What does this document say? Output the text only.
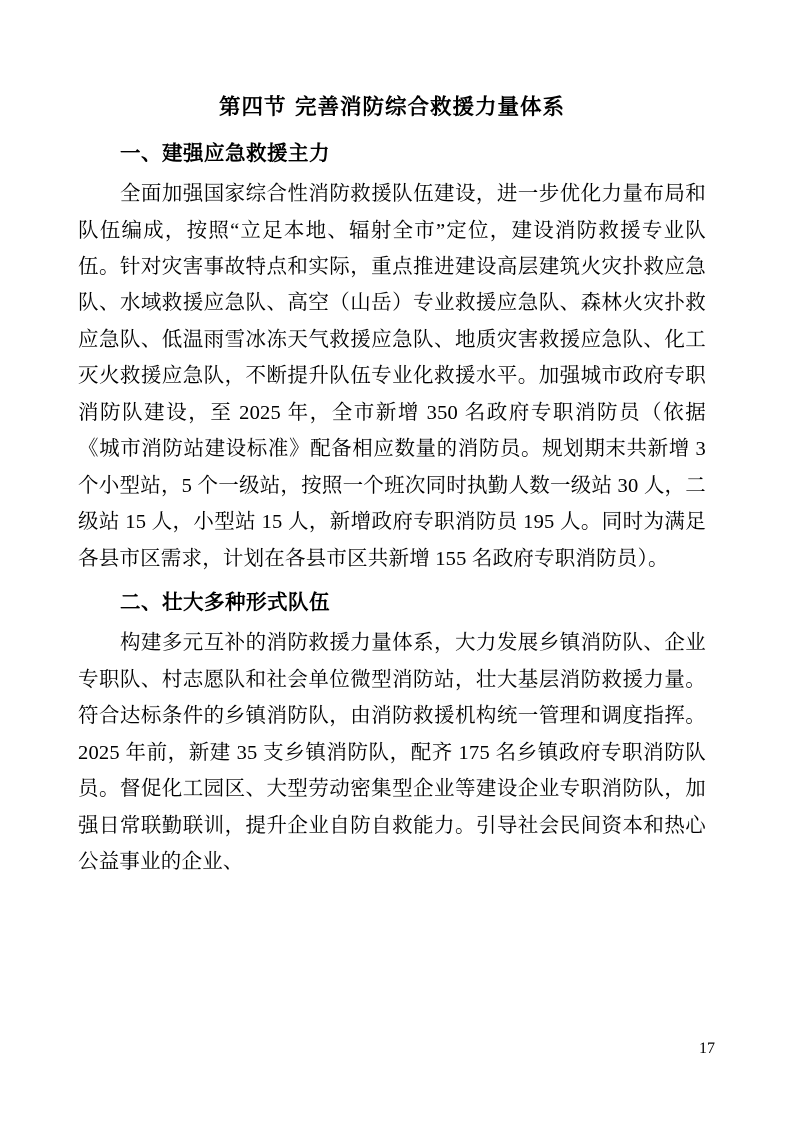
第四节 完善消防综合救援力量体系
一、建强应急救援主力

全面加强国家综合性消防救援队伍建设，进一步优化力量布局和队伍编成，按照“立足本地、辐射全市”定位，建设消防救援专业队伍。针对灾害事故特点和实际，重点推进建设高层建筑火灾扑救应急队、水域救援应急队、高空（山岳）专业救援应急队、森林火灾扑救应急队、低温雨雪冰冻天气救援应急队、地质灾害救援应急队、化工灭火救援应急队，不断提升队伍专业化救援水平。加强城市政府专职消防队建设，至 2025 年，全市新增 350 名政府专职消防员（依据《城市消防站建设标准》配备相应数量的消防员。规划期末共新增 3 个小型站，5 个一级站，按照一个班次同时执勤人数一级站 30 人，二级站 15 人，小型站 15 人，新增政府专职消防员 195 人。同时为满足各县市区需求，计划在各县市区共新增 155 名政府专职消防员）。

二、壮大多种形式队伍

构建多元互补的消防救援力量体系，大力发展乡镇消防队、企业专职队、村志愿队和社会单位微型消防站，壮大基层消防救援力量。符合达标条件的乡镇消防队，由消防救援机构统一管理和调度指挥。2025 年前，新建 35 支乡镇消防队，配齐 175 名乡镇政府专职消防队员。督促化工园区、大型劳动密集型企业等建设企业专职消防队，加强日常联勤联训，提升企业自防自救能力。引导社会民间资本和热心公益事业的企业、

17
